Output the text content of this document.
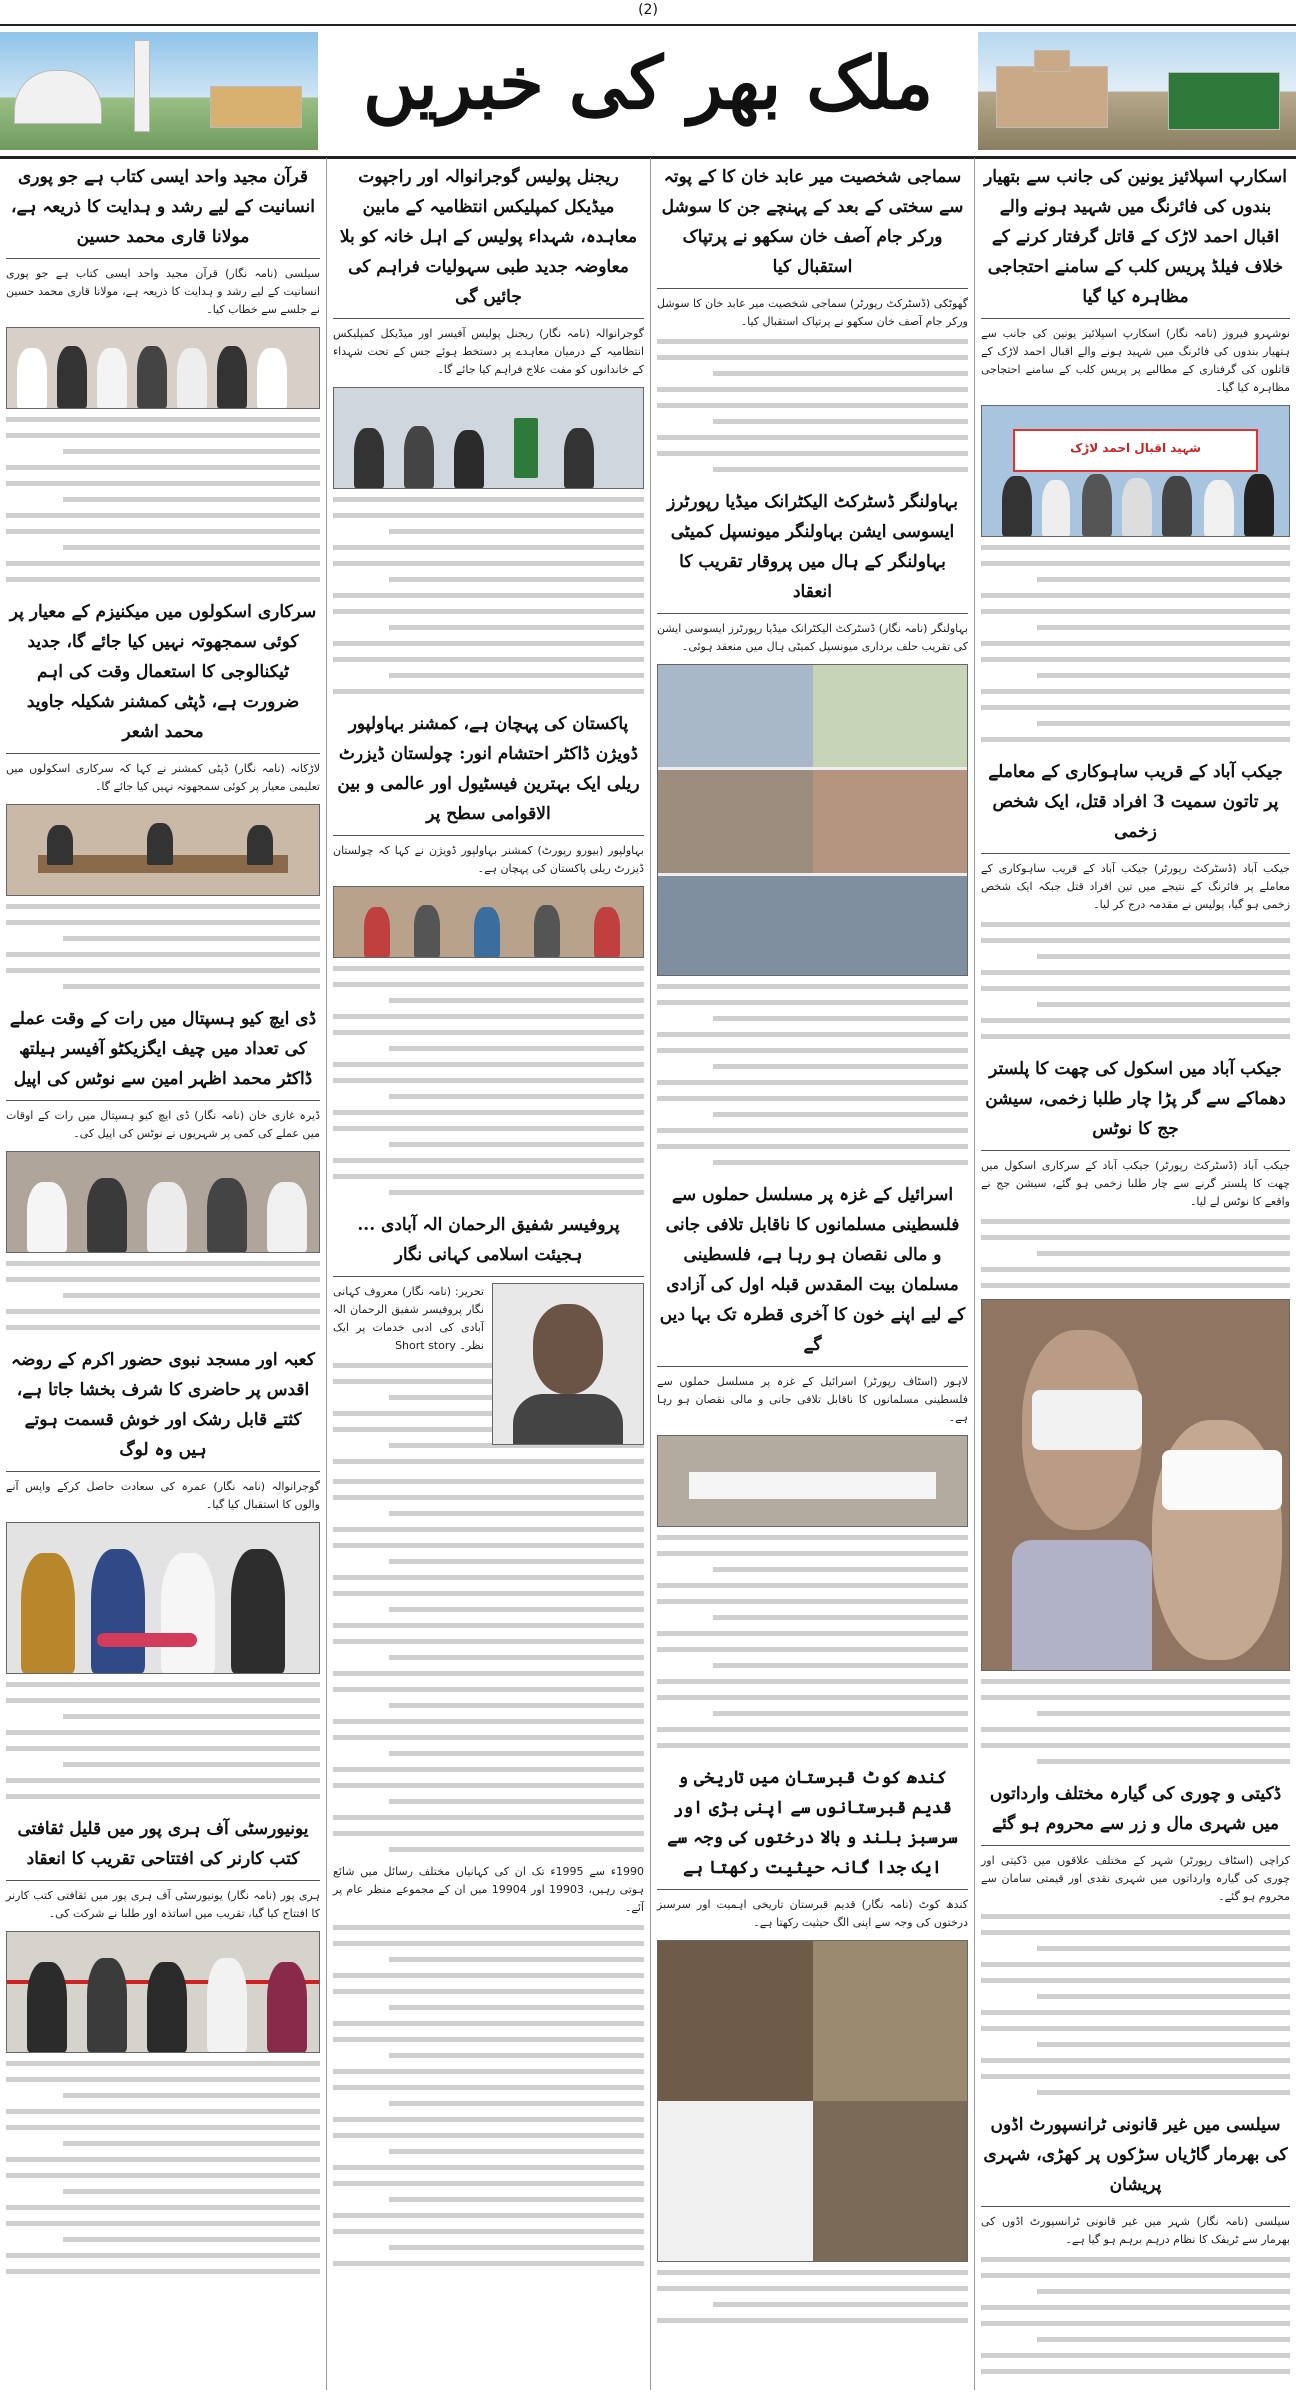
(2)
ملک بھر کی خبریں
اسکارپ اسپلائیز یونین کی جانب سے بتھیار بندوں کی فائرنگ میں شہید ہونے والے اقبال احمد لاڑک کے قاتل گرفتار کرنے کے خلاف فیلڈ پریس کلب کے سامنے احتجاجی مظاہرہ کیا گیا
نوشہرو فیروز (نامہ نگار) اسکارپ اسپلائیز یونین کی جانب سے ہتھیار بندوں کی فائرنگ میں شہید ہونے والے اقبال احمد لاڑک کے قاتلوں کی گرفتاری کے مطالبے پر پریس کلب کے سامنے احتجاجی مظاہرہ کیا گیا۔
شہید اقبال احمد لاڑک
جیکب آباد کے قریب ساہوکاری کے معاملے پر تاتون سمیت 3 افراد قتل، ایک شخص زخمی
جیکب آباد (ڈسٹرکٹ رپورٹر) جیکب آباد کے قریب ساہوکاری کے معاملے پر فائرنگ کے نتیجے میں تین افراد قتل جبکہ ایک شخص زخمی ہو گیا، پولیس نے مقدمہ درج کر لیا۔
جیکب آباد میں اسکول کی چھت کا پلستر دھماکے سے گر پڑا چار طلبا زخمی، سیشن جج کا نوٹس
جیکب آباد (ڈسٹرکٹ رپورٹر) جیکب آباد کے سرکاری اسکول میں چھت کا پلستر گرنے سے چار طلبا زخمی ہو گئے، سیشن جج نے واقعے کا نوٹس لے لیا۔
ڈکیتی و چوری کی گیارہ مختلف وارداتوں میں شہری مال و زر سے محروم ہو گئے
کراچی (اسٹاف رپورٹر) شہر کے مختلف علاقوں میں ڈکیتی اور چوری کی گیارہ وارداتوں میں شہری نقدی اور قیمتی سامان سے محروم ہو گئے۔
سیلسی میں غیر قانونی ٹرانسپورٹ اڈوں کی بھرمار گاڑیاں سڑکوں پر کھڑی، شہری پریشان
سیلسی (نامہ نگار) شہر میں غیر قانونی ٹرانسپورٹ اڈوں کی بھرمار سے ٹریفک کا نظام درہم برہم ہو گیا ہے۔
سماجی شخصیت میر عابد خان کا کے پوتہ سے سختی کے بعد کے پہنچے جن کا سوشل ورکر جام آصف خان سکھو نے پرتپاک استقبال کیا
گھوٹکی (ڈسٹرکٹ رپورٹر) سماجی شخصیت میر عابد خان کا سوشل ورکر جام آصف خان سکھو نے پرتپاک استقبال کیا۔
بہاولنگر ڈسٹرکٹ الیکٹرانک میڈیا رپورٹرز ایسوسی ایشن بہاولنگر میونسپل کمیٹی بہاولنگر کے ہال میں پروقار تقریب کا انعقاد
بہاولنگر (نامہ نگار) ڈسٹرکٹ الیکٹرانک میڈیا رپورٹرز ایسوسی ایشن کی تقریب حلف برداری میونسپل کمیٹی ہال میں منعقد ہوئی۔
اسرائیل کے غزہ پر مسلسل حملوں سے فلسطینی مسلمانوں کا ناقابل تلافی جانی و مالی نقصان ہو رہا ہے، فلسطینی مسلمان بیت المقدس قبلہ اول کی آزادی کے لیے اپنے خون کا آخری قطرہ تک بہا دیں گے
لاہور (اسٹاف رپورٹر) اسرائیل کے غزہ پر مسلسل حملوں سے فلسطینی مسلمانوں کا ناقابل تلافی جانی و مالی نقصان ہو رہا ہے۔
کندھ کوٹ قبرستان میں تاریخی و قدیم قبرستانوں سے اپنی بڑی اور سرسبز بلند و بالا درختوں کی وجہ سے ایک جدا گانہ حیثیت رکھتا ہے
کندھ کوٹ (نامہ نگار) قدیم قبرستان تاریخی اہمیت اور سرسبز درختوں کی وجہ سے اپنی الگ حیثیت رکھتا ہے۔
ریجنل پولیس گوجرانوالہ اور راجپوت میڈیکل کمپلیکس انتظامیہ کے مابین معاہدہ، شہداء پولیس کے اہل خانہ کو بلا معاوضہ جدید طبی سہولیات فراہم کی جائیں گی
گوجرانوالہ (نامہ نگار) ریجنل پولیس آفیسر اور میڈیکل کمپلیکس انتظامیہ کے درمیان معاہدے پر دستخط ہوئے جس کے تحت شہداء کے خاندانوں کو مفت علاج فراہم کیا جائے گا۔
پاکستان کی پہچان ہے، کمشنر بہاولپور ڈویژن ڈاکٹر احتشام انور: چولستان ڈیزرٹ ریلی ایک بہترین فیسٹیول اور عالمی و بین الاقوامی سطح پر
بہاولپور (بیورو رپورٹ) کمشنر بہاولپور ڈویژن نے کہا کہ چولستان ڈیزرٹ ریلی پاکستان کی پہچان ہے۔
پروفیسر شفیق الرحمان الہ آبادی ... ہجیئت اسلامی کہانی نگار
تحریر: (نامہ نگار) معروف کہانی نگار پروفیسر شفیق الرحمان الہ آبادی کی ادبی خدمات پر ایک نظر۔ Short story
1990ء سے 1995ء تک ان کی کہانیاں مختلف رسائل میں شائع ہوتی رہیں، 19903 اور 19904 میں ان کے مجموعے منظر عام پر آئے۔
قرآن مجید واحد ایسی کتاب ہے جو پوری انسانیت کے لیے رشد و ہدایت کا ذریعہ ہے، مولانا قاری محمد حسین
سیلسی (نامہ نگار) قرآن مجید واحد ایسی کتاب ہے جو پوری انسانیت کے لیے رشد و ہدایت کا ذریعہ ہے، مولانا قاری محمد حسین نے جلسے سے خطاب کیا۔
سرکاری اسکولوں میں میکنیزم کے معیار پر کوئی سمجھوتہ نہیں کیا جائے گا، جدید ٹیکنالوجی کا استعمال وقت کی اہم ضرورت ہے، ڈپٹی کمشنر شکیلہ جاوید محمد اشعر
لاڑکانہ (نامہ نگار) ڈپٹی کمشنر نے کہا کہ سرکاری اسکولوں میں تعلیمی معیار پر کوئی سمجھوتہ نہیں کیا جائے گا۔
ڈی ایچ کیو ہسپتال میں رات کے وقت عملے کی تعداد میں چیف ایگزیکٹو آفیسر ہیلتھ ڈاکٹر محمد اظہر امین سے نوٹس کی اپیل
ڈیرہ غازی خان (نامہ نگار) ڈی ایچ کیو ہسپتال میں رات کے اوقات میں عملے کی کمی پر شہریوں نے نوٹس کی اپیل کی۔
کعبہ اور مسجد نبوی حضور اکرم کے روضہ اقدس پر حاضری کا شرف بخشا جاتا ہے، کثتے قابل رشک اور خوش قسمت ہوتے ہیں وہ لوگ
گوجرانوالہ (نامہ نگار) عمرہ کی سعادت حاصل کرکے واپس آنے والوں کا استقبال کیا گیا۔
یونیورسٹی آف ہری پور میں قلیل ثقافتی کتب کارنر کی افتتاحی تقریب کا انعقاد
ہری پور (نامہ نگار) یونیورسٹی آف ہری پور میں ثقافتی کتب کارنر کا افتتاح کیا گیا، تقریب میں اساتذہ اور طلبا نے شرکت کی۔
